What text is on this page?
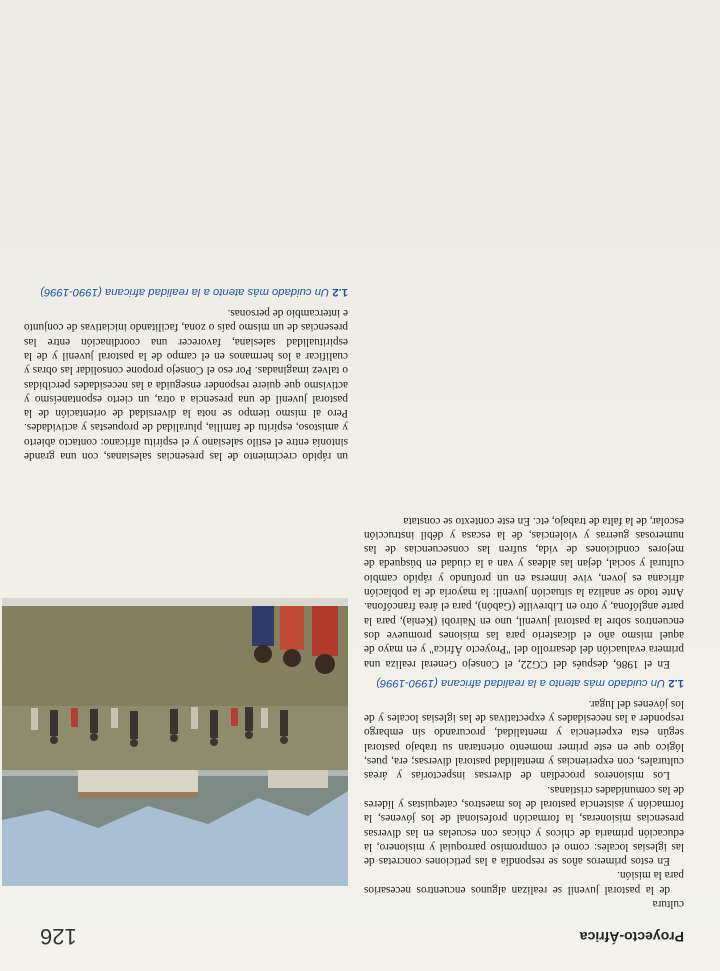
Proyecto-África
126

cultura

de la pastoral juvenil se realizan algunos encuentros necesarios para la misión.

En estos primeros años se respondía a las peticiones concretas de las iglesias locales: como el compromiso parroquial y misionero, la educación primaria de chicos y chicas con escuelas en las diversas presencias misioneras, la formación profesional de los jóvenes, la formación y asistencia pastoral de los maestros, catequistas y líderes de las comunidades cristianas.

Los misioneros procedían de diversas inspectorías y áreas culturales, con experiencias y mentalidad pastoral diversas; era, pues, lógico que en este primer momento orientaran su trabajo pastoral según esta experiencia y mentalidad, procurando sin embargo responder a las necesidades y expectativas de las iglesias locales y de los jóvenes del lugar.

1.2 Un cuidado más atento a la realidad africana (1990-1996)

En el 1986, después del CG22, el Consejo General realiza una primera evaluación del desarrollo del "Proyecto África" y en mayo de aquel mismo año el dicasterio para las misiones promueve dos encuentros sobre la pastoral juvenil, uno en Nairobi (Kenia), para la parte anglófona, y otro en Libreville (Gabón), para el área francófona. Ante todo se analiza la situación juvenil: la mayoría de la población africana es joven, vive inmersa en un profundo y rápido cambio cultural y social, dejan las aldeas y van a la ciudad en búsqueda de mejores condiciones de vida, sufren las consecuencias de las numerosas guerras y violencias, de la escasa y débil instrucción escolar, de la falta de trabajo, etc. En este contexto se constata

un rápido crecimiento de las presencias salesianas, con una grande sintonía entre el estilo salesiano y el espíritu africano: contacto abierto y amistoso, espíritu de familia, pluralidad de propuestas y actividades. Pero al mismo tiempo se nota la diversidad de orientación de la pastoral juvenil de una presencia a otra, un cierto espontaneísmo y activismo que quiere responder enseguida a las necesidades percibidas o talvez imaginadas. Por eso el Consejo propone consolidar las obras y cualificar a los hermanos en el campo de la pastoral juvenil y de la espiritualidad salesiana, favorecer una coordinación entre las presencias de un mismo país o zona, facilitando iniciativas de conjunto e intercambio de personas.

1.2 Un cuidado más atento a la realidad africana (1990-1996)
